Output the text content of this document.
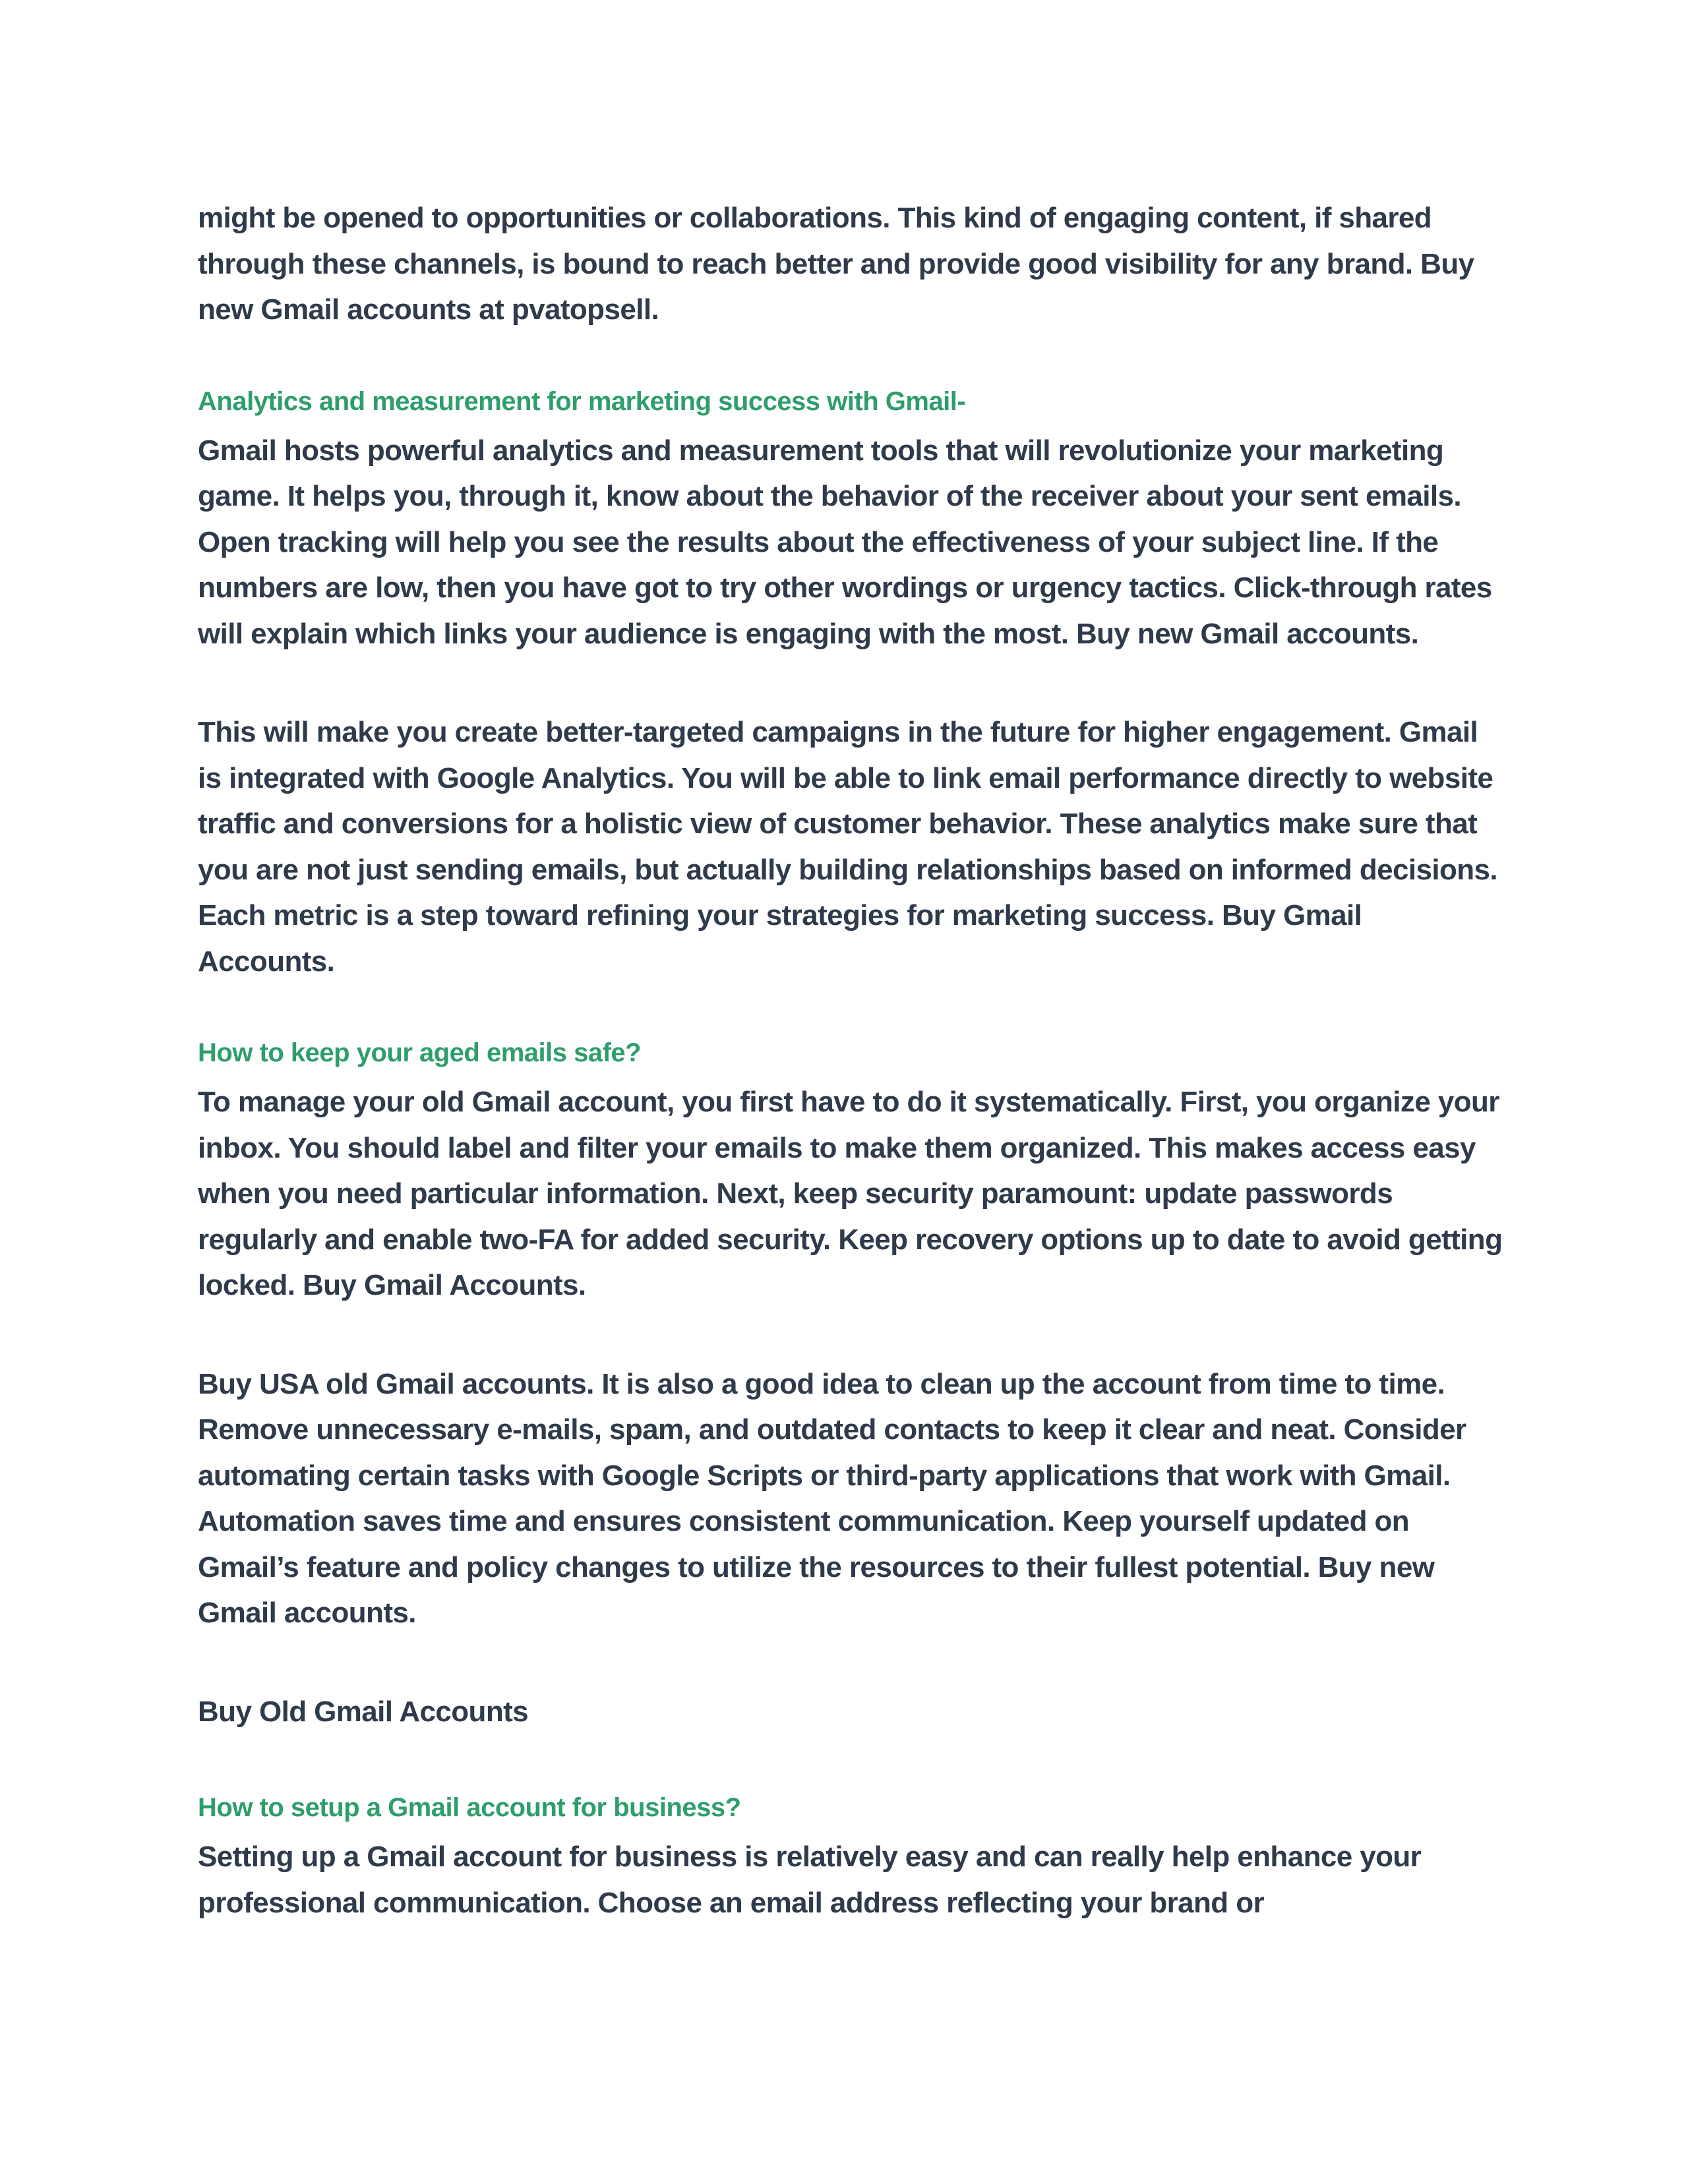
might be opened to opportunities or collaborations. This kind of engaging content, if shared through these channels, is bound to reach better and provide good visibility for any brand. Buy new Gmail accounts at pvatopsell.

Analytics and measurement for marketing success with Gmail-

Gmail hosts powerful analytics and measurement tools that will revolutionize your marketing game. It helps you, through it, know about the behavior of the receiver about your sent emails. Open tracking will help you see the results about the effectiveness of your subject line. If the numbers are low, then you have got to try other wordings or urgency tactics. Click-through rates will explain which links your audience is engaging with the most. Buy new Gmail accounts.

This will make you create better-targeted campaigns in the future for higher engagement. Gmail is integrated with Google Analytics. You will be able to link email performance directly to website traffic and conversions for a holistic view of customer behavior. These analytics make sure that you are not just sending emails, but actually building relationships based on informed decisions. Each metric is a step toward refining your strategies for marketing success. Buy Gmail Accounts.

How to keep your aged emails safe?

To manage your old Gmail account, you first have to do it systematically. First, you organize your inbox. You should label and filter your emails to make them organized. This makes access easy when you need particular information. Next, keep security paramount: update passwords regularly and enable two-FA for added security. Keep recovery options up to date to avoid getting locked. Buy Gmail Accounts.

Buy USA old Gmail accounts. It is also a good idea to clean up the account from time to time. Remove unnecessary e-mails, spam, and outdated contacts to keep it clear and neat. Consider automating certain tasks with Google Scripts or third-party applications that work with Gmail. Automation saves time and ensures consistent communication. Keep yourself updated on Gmail’s feature and policy changes to utilize the resources to their fullest potential. Buy new Gmail accounts.

Buy Old Gmail Accounts

How to setup a Gmail account for business?

Setting up a Gmail account for business is relatively easy and can really help enhance your professional communication. Choose an email address reflecting your brand or
